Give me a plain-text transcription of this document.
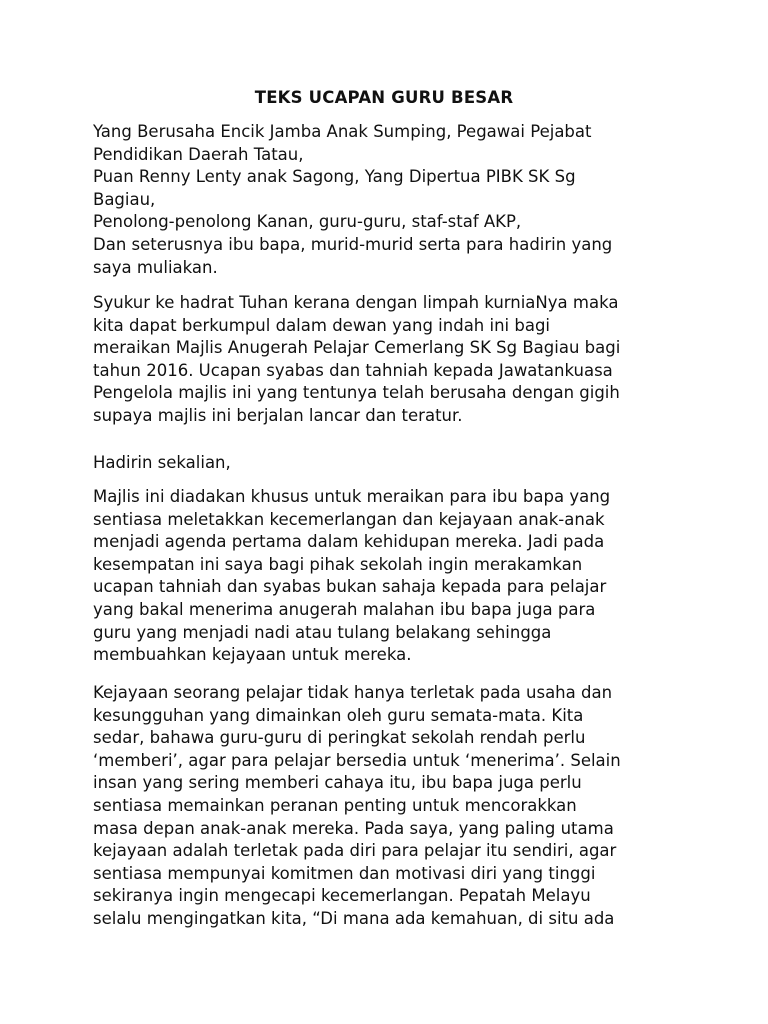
TEKS UCAPAN GURU BESAR

Yang Berusaha Encik Jamba Anak Sumping, Pegawai Pejabat
Pendidikan Daerah Tatau,
Puan Renny Lenty anak Sagong, Yang Dipertua PIBK SK Sg
Bagiau,
Penolong-penolong Kanan, guru-guru, staf-staf AKP,
Dan seterusnya ibu bapa, murid-murid serta para hadirin yang
saya muliakan.

Syukur ke hadrat Tuhan kerana dengan limpah kurniaNya maka
kita dapat berkumpul dalam dewan yang indah ini bagi
meraikan Majlis Anugerah Pelajar Cemerlang SK Sg Bagiau bagi
tahun 2016. Ucapan syabas dan tahniah kepada Jawatankuasa
Pengelola majlis ini yang tentunya telah berusaha dengan gigih
supaya majlis ini berjalan lancar dan teratur.

Hadirin sekalian,

Majlis ini diadakan khusus untuk meraikan para ibu bapa yang
sentiasa meletakkan kecemerlangan dan kejayaan anak-anak
menjadi agenda pertama dalam kehidupan mereka. Jadi pada
kesempatan ini saya bagi pihak sekolah ingin merakamkan
ucapan tahniah dan syabas bukan sahaja kepada para pelajar
yang bakal menerima anugerah malahan ibu bapa juga para
guru yang menjadi nadi atau tulang belakang sehingga
membuahkan kejayaan untuk mereka.

Kejayaan seorang pelajar tidak hanya terletak pada usaha dan
kesungguhan yang dimainkan oleh guru semata-mata. Kita
sedar, bahawa guru-guru di peringkat sekolah rendah perlu
‘memberi’, agar para pelajar bersedia untuk ‘menerima’. Selain
insan yang sering memberi cahaya itu, ibu bapa juga perlu
sentiasa memainkan peranan penting untuk mencorakkan
masa depan anak-anak mereka. Pada saya, yang paling utama
kejayaan adalah terletak pada diri para pelajar itu sendiri, agar
sentiasa mempunyai komitmen dan motivasi diri yang tinggi
sekiranya ingin mengecapi kecemerlangan. Pepatah Melayu
selalu mengingatkan kita, “Di mana ada kemahuan, di situ ada
